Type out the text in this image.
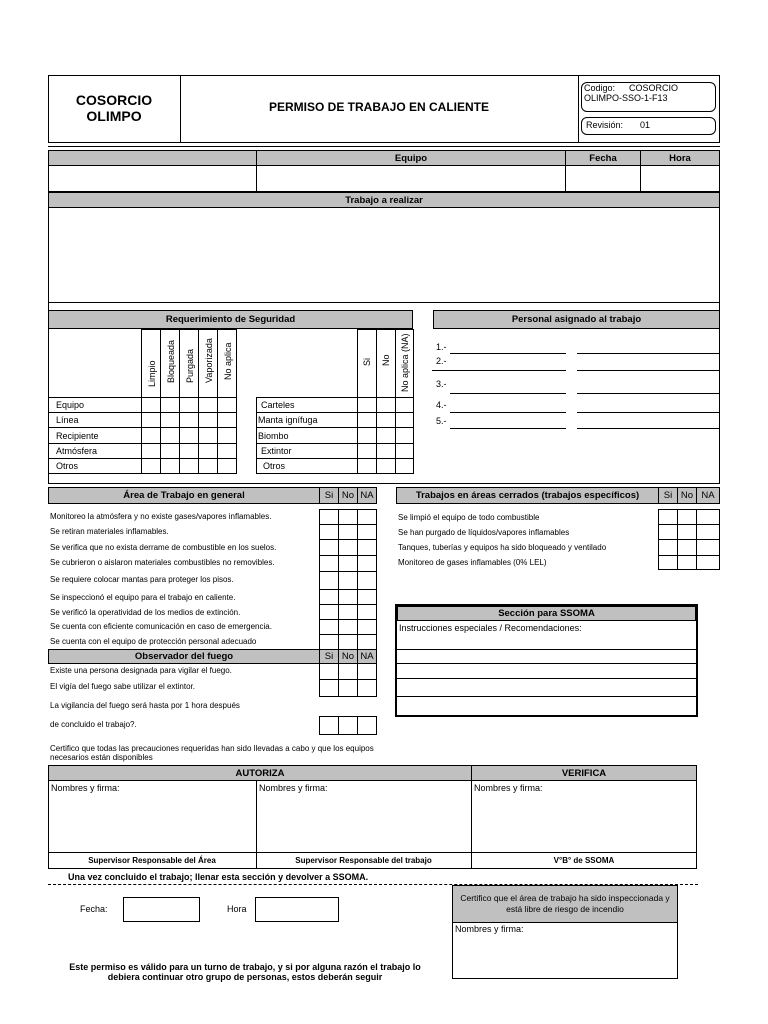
COSORCIO OLIMPO
PERMISO DE TRABAJO EN CALIENTE
Codigo:	COSORCIO OLIMPO-SSO-1-F13
Revisión: 01
Equipo	Fecha	Hora
Trabajo a realizar
Requerimiento de Seguridad	Personal asignado al trabajo
Limpio Bloqueada Purgada Vaporizada No aplica	Si No No aplica (NA)
Equipo
Línea
Recipiente
Atmósfera
Otros
Carteles
Manta ignífuga
Biombo
Extintor
Otros
1.-
2.-
3.-
4.-
5.-
Área de Trabajo en general	Si No NA
Monitoreo la atmósfera y no existe gases/vapores inflamables.
Se retiran materiales inflamables.
Se verifica que no exista derrame de combustible en los suelos.
Se cubrieron o aislaron materiales combustibles no removibles.
Se requiere colocar mantas para proteger los pisos.
Se inspeccionó el equipo para el trabajo en caliente.
Se verificó la operatividad de los medios de extinción.
Se cuenta con eficiente comunicación en caso de emergencia.
Se cuenta con el equipo de protección personal adecuado
Observador del fuego	Si No NA
Existe una persona designada para vigilar el fuego.
El vigía del fuego sabe utilizar el extintor.
La vigilancia del fuego será hasta por 1 hora después
de concluido el trabajo?.
Trabajos en áreas cerrados (trabajos específicos)	Si No NA
Se limpió el equipo de todo combustible
Se han purgado de líquidos/vapores inflamables
Tanques, tuberías y equipos ha sido bloqueado y ventilado
Monitoreo de gases inflamables (0% LEL)
Sección para SSOMA
Instrucciones especiales / Recomendaciones:
Certifico que todas las precauciones requeridas han sido llevadas a cabo y que los equipos necesarios están disponibles
AUTORIZA	VERIFICA
Nombres y firma:	Nombres y firma:	Nombres y firma:
Supervisor Responsable del Área	Supervisor Responsable del trabajo	V°B° de SSOMA
Una vez concluido el trabajo; llenar esta sección y devolver a SSOMA.
Fecha:	Hora
Certifico que el área de trabajo ha sido inspeccionada y está libre de riesgo de incendio
Nombres y firma:
Este permiso es válido para un turno de trabajo, y si por alguna razón el trabajo lo debiera continuar otro grupo de personas, estos deberán seguir
